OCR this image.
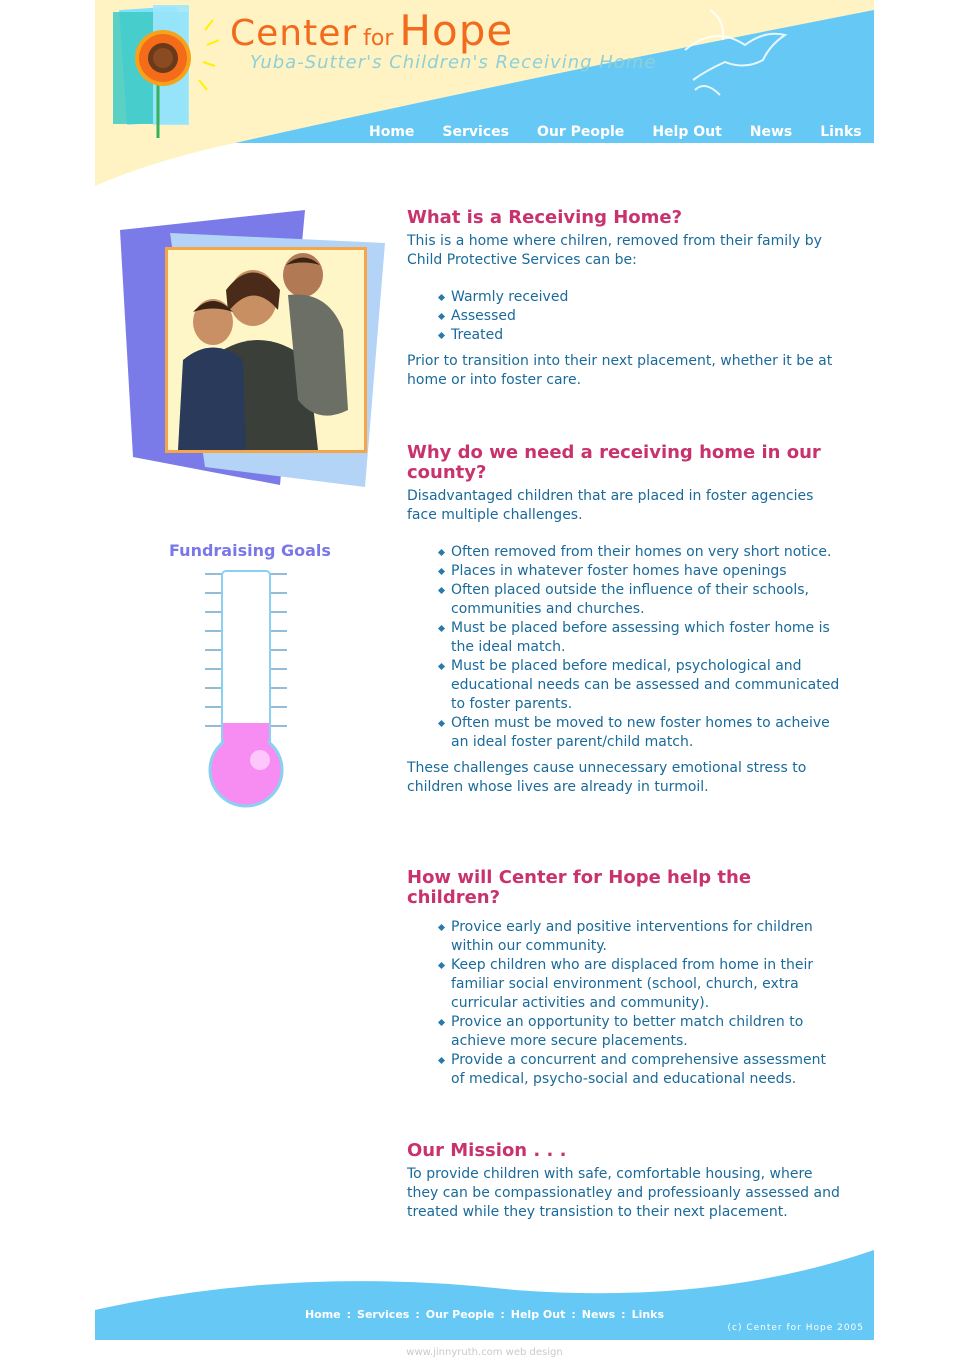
Center for Hope
Yuba-Sutter's Children's Receiving Home
Home	Services	Our People	Help Out	News	Links
Fundraising Goals
What is a Receiving Home?

This is a home where chilren, removed from their family by Child Protective Services can be:

Warmly received
Assessed
Treated

Prior to transition into their next placement, whether it be at home or into foster care.

Why do we need a receiving home in our county?

Disadvantaged children that are placed in foster agencies face multiple challenges.

Often removed from their homes on very short notice.
Places in whatever foster homes have openings
Often placed outside the influence of their schools, communities and churches.
Must be placed before assessing which foster home is the ideal match.
Must be placed before medical, psychological and educational needs can be assessed and communicated to foster parents.
Often must be moved to new foster homes to acheive an ideal foster parent/child match.

These challenges cause unnecessary emotional stress to children whose lives are already in turmoil.

How will Center for Hope help the children?
Provice early and positive interventions for children within our community.
Keep children who are displaced from home in their familiar social environment (school, church, extra curricular activities and community).
Provice an opportunity to better match children to achieve more secure placements.
Provide a concurrent and comprehensive assessment of medical, psycho-social and educational needs.
Our Mission . . .

To provide children with safe, comfortable housing, where they can be compassionatley and professioanly assessed and treated while they transistion to their next placement.

Home : Services : Our People : Help Out : News : Links
(c) Center for Hope 2005
www.jinnyruth.com web design
